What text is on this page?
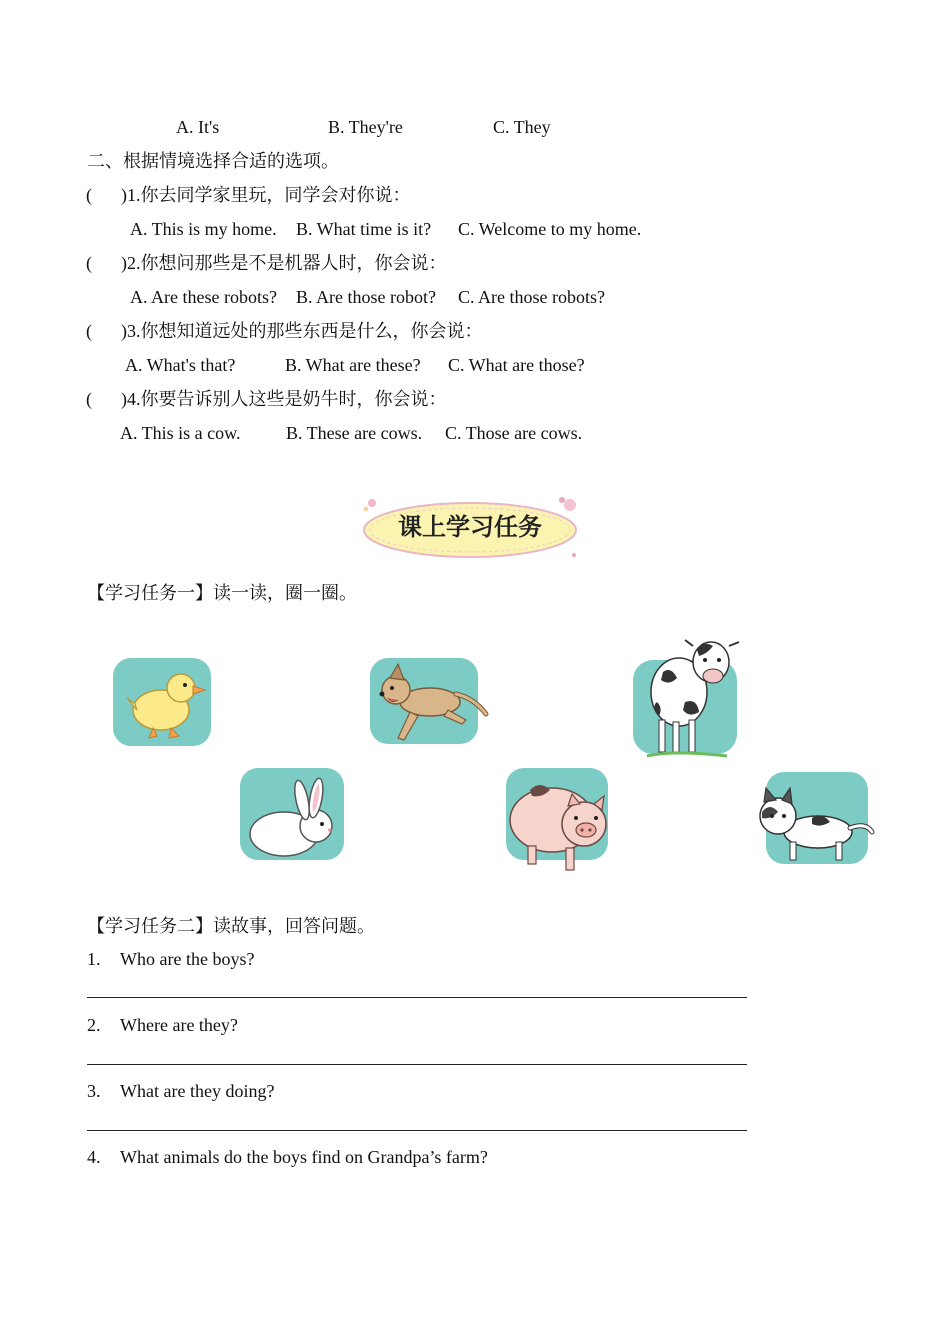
A. It's	B. They're	C. They
二、根据情境选择合适的选项。
( )1.你去同学家里玩，同学会对你说：
A. This is my home. B. What time is it? C. Welcome to my home.
( )2.你想问那些是不是机器人时，你会说：
A. Are these robots? B. Are those robot? C. Are those robots?
( )3.你想知道远处的那些东西是什么，你会说：
A. What's that?	B. What are these? C. What are those?
( )4.你要告诉别人这些是奶牛时，你会说：
A. This is a cow.	B. These are cows. C. Those are cows.
课上学习任务
【学习任务一】读一读，圈一圈。
【学习任务二】读故事，回答问题。
1. Who are the boys?
2. Where are they?
3. What are they doing?
4. What animals do the boys find on Grandpa’s farm?
